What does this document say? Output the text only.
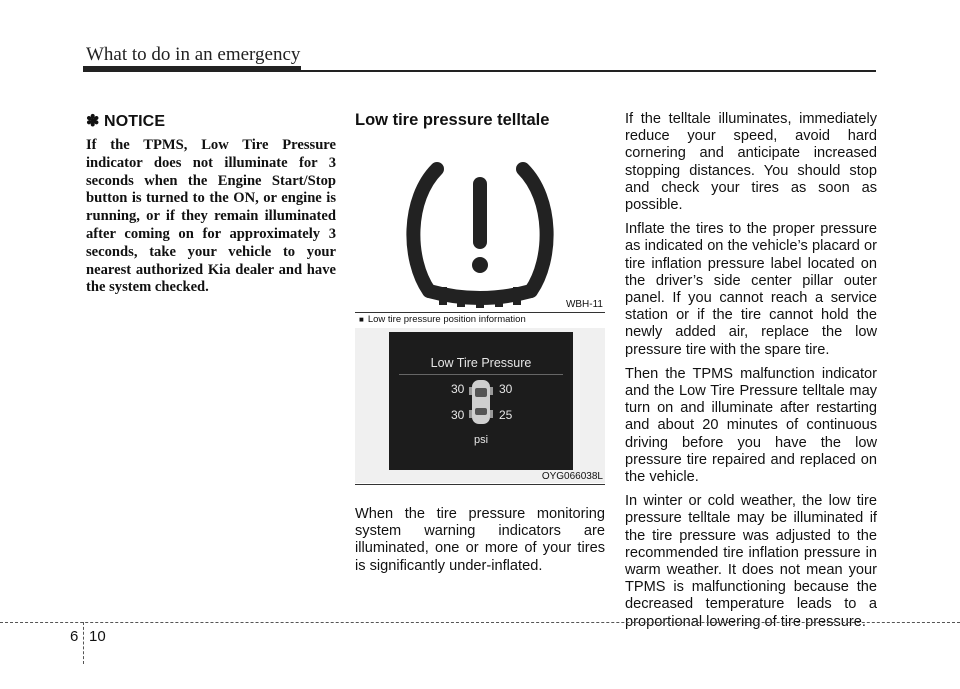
What to do in an emergency
✽ NOTICE

If the TPMS, Low Tire Pressure indicator does not illuminate for 3 seconds when the Engine Start/Stop button is turned to the ON, or engine is running, or if they remain illuminated after coming on for approximately 3 seconds, take your vehicle to your nearest authorized Kia dealer and have the system checked.

Low tire pressure telltale
WBH-11
■ Low tire pressure position information
Low Tire Pressure
30	30
30	25
psi
OYG066038L

When the tire pressure monitoring system warning indicators are illuminated, one or more of your tires is significantly under-inflated.

If the telltale illuminates, immediately reduce your speed, avoid hard cornering and anticipate increased stopping distances. You should stop and check your tires as soon as possible.

Inflate the tires to the proper pressure as indicated on the vehicle’s placard or tire inflation pressure label located on the driver’s side center pillar outer panel. If you cannot reach a service station or if the tire cannot hold the newly added air, replace the low pressure tire with the spare tire.

Then the TPMS malfunction indicator and the Low Tire Pressure telltale may turn on and illuminate after restarting and about 20 minutes of continuous driving before you have the low pressure tire repaired and replaced on the vehicle.

In winter or cold weather, the low tire pressure telltale may be illuminated if the tire pressure was adjusted to the recommended tire inflation pressure in warm weather. It does not mean your TPMS is malfunctioning because the decreased temperature leads to a proportional lowering of tire pressure.

6 10
